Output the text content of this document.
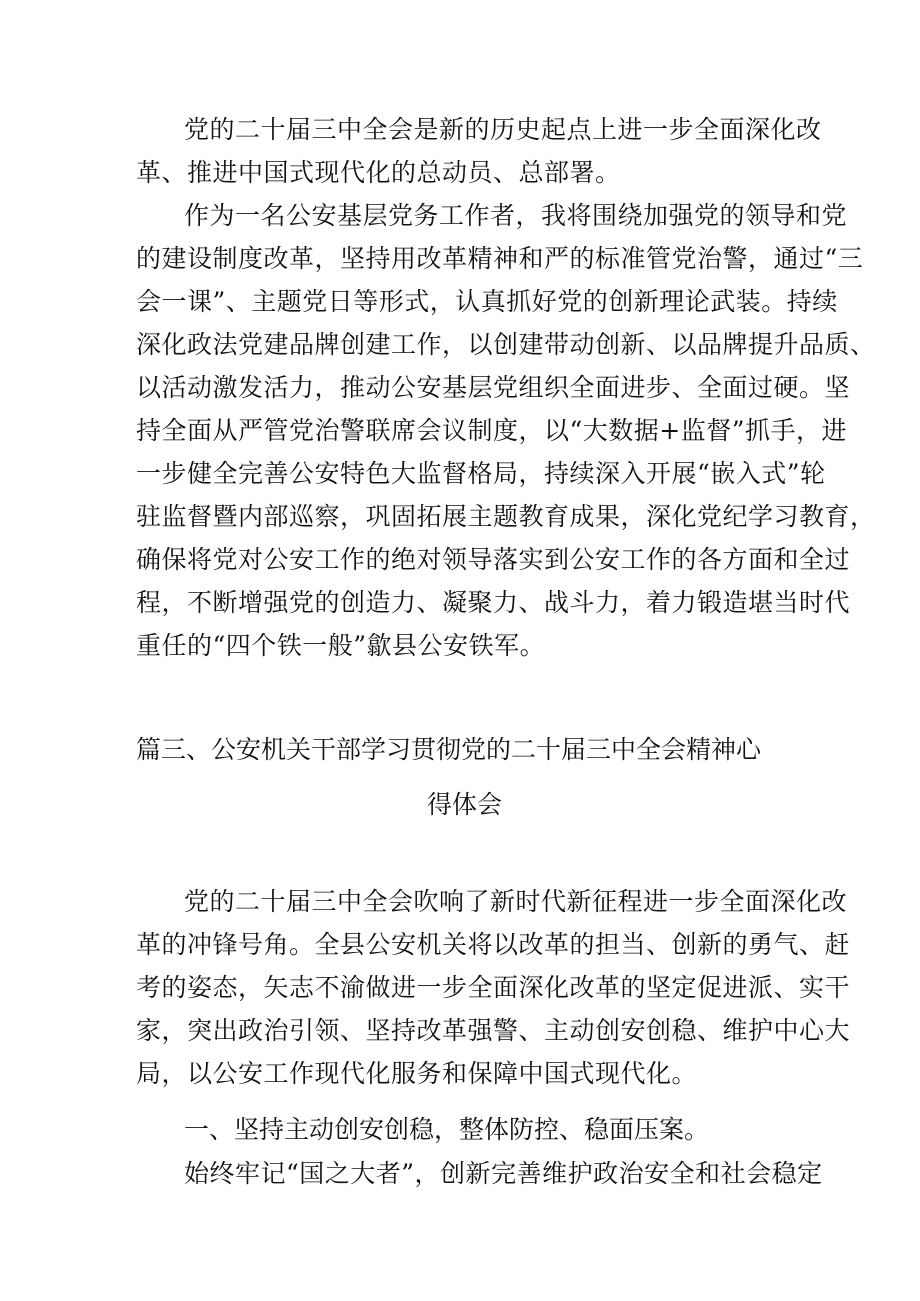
党的二十届三中全会是新的历史起点上进一步全面深化改
革、推进中国式现代化的总动员、总部署。
作为一名公安基层党务工作者，我将围绕加强党的领导和党
的建设制度改革，坚持用改革精神和严的标准管党治警，通过“三
会一课”、主题党日等形式，认真抓好党的创新理论武装。持续
深化政法党建品牌创建工作，以创建带动创新、以品牌提升品质、
以活动激发活力，推动公安基层党组织全面进步、全面过硬。坚
持全面从严管党治警联席会议制度，以“大数据+监督”抓手，进
一步健全完善公安特色大监督格局，持续深入开展“嵌入式”轮
驻监督暨内部巡察，巩固拓展主题教育成果，深化党纪学习教育，
确保将党对公安工作的绝对领导落实到公安工作的各方面和全过
程，不断增强党的创造力、凝聚力、战斗力，着力锻造堪当时代
重任的“四个铁一般”歙县公安铁军。
篇三、公安机关干部学习贯彻党的二十届三中全会精神心
得体会
党的二十届三中全会吹响了新时代新征程进一步全面深化改
革的冲锋号角。全县公安机关将以改革的担当、创新的勇气、赶
考的姿态，矢志不渝做进一步全面深化改革的坚定促进派、实干
家，突出政治引领、坚持改革强警、主动创安创稳、维护中心大
局，以公安工作现代化服务和保障中国式现代化。
一、坚持主动创安创稳，整体防控、稳面压案。
始终牢记“国之大者”，创新完善维护政治安全和社会稳定
